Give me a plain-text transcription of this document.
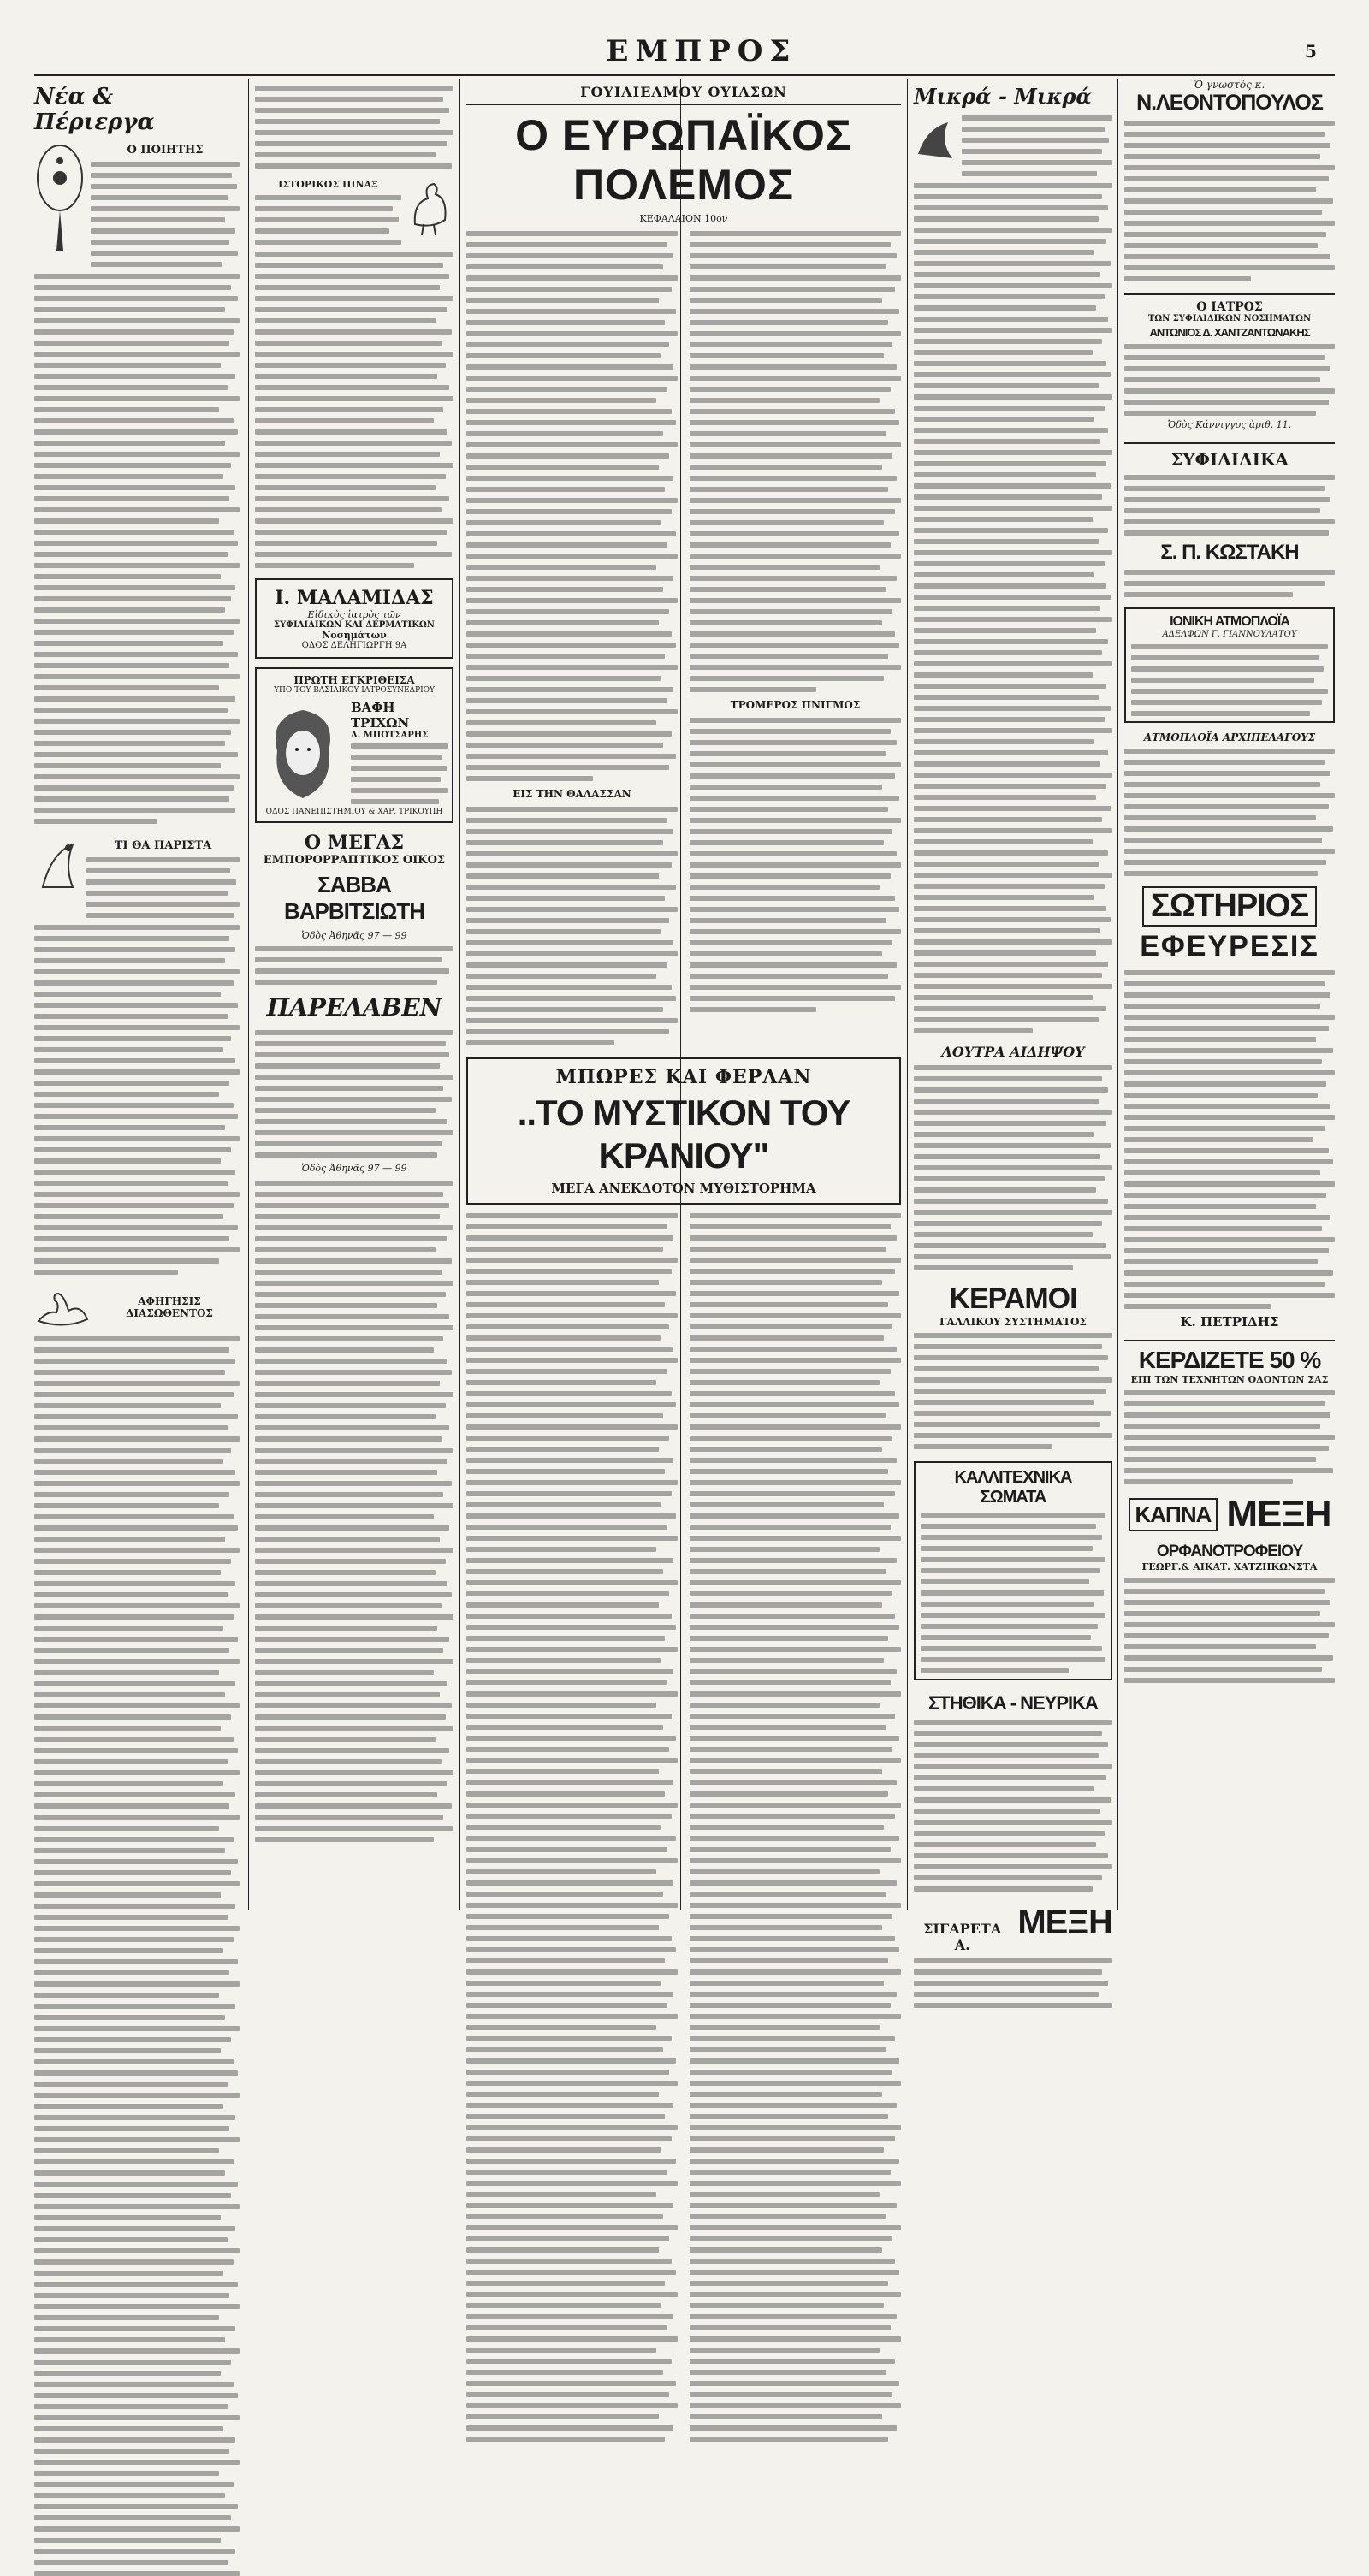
ΕΜΠΡΟΣ	5
Νέα & Πέριεργα
Ο ΠΟΙΗΤΗΣ
ΤΙ ΘΑ ΠΑΡΙΣΤΑ
ΑΦΗΓΗΣΙΣ ΔΙΑΣΩΘΕΝΤΟΣ
ΙΣΤΟΡΙΚΟΣ ΠΙΝΑΞ
Ι. ΜΑΛΑΜΙΔΑΣ
Εἰδικὸς ἰατρὸς τῶν
ΣΥΦΙΛΙΔΙΚΩΝ ΚΑΙ ΔΕΡΜΑΤΙΚΩΝ
Νοσημάτων
ΟΔΟΣ ΔΕΛΗΓΙΩΡΓΗ 9Α
ΠΡΩΤΗ ΕΓΚΡΙΘΕΙΣΑ
ΥΠΟ ΤΟΥ ΒΑΣΙΛΙΚΟΥ ΙΑΤΡΟΣΥΝΕΔΡΙΟΥ
ΒΑΦΗ ΤΡΙΧΩΝ
Δ. ΜΠΟΤΣΑΡΗΣ
ΟΔΟΣ ΠΑΝΕΠΙΣΤΗΜΙΟΥ & ΧΑΡ. ΤΡΙΚΟΥΠΗ
Ο ΜΕΓΑΣ
ΕΜΠΟΡΟΡΡΑΠΤΙΚΟΣ ΟΙΚΟΣ
ΣΑΒΒΑ ΒΑΡΒΙΤΣΙΩΤΗ
Ὁδὸς Ἀθηνᾶς 97 — 99
ΠΑΡΕΛΑΒΕΝ
Ὁδὸς Ἀθηνᾶς 97 — 99
ΓΟΥΙΛΙΕΛΜΟΥ ΟΥΙΛΣΩΝ
Ο ΕΥΡΩΠΑΪΚΟΣ ΠΟΛΕΜΟΣ
ΚΕΦΑΛΑΙΟΝ 10ον
ΕΙΣ ΤΗΝ ΘΑΛΑΣΣΑΝ
ΤΡΟΜΕΡΟΣ ΠΝΙΓΜΟΣ
ΜΠΩΡΕΣ ΚΑΙ ΦΕΡΛΑΝ
..ΤΟ ΜΥΣΤΙΚΟΝ ΤΟΥ ΚΡΑΝΙΟΥ"
ΜΕΓΑ ΑΝΕΚΔΟΤΟΝ ΜΥΘΙΣΤΟΡΗΜΑ
Μικρά - Μικρά
ΛΟΥΤΡΑ ΑΙΔΗΨΟΥ
ΚΕΡΑΜΟΙ
ΓΑΛΛΙΚΟΥ ΣΥΣΤΗΜΑΤΟΣ
ΚΑΛΛΙΤΕΧΝΙΚΑ ΣΩΜΑΤΑ
ΣΤΗΘΙΚΑ - ΝΕΥΡΙΚΑ
ΣΙΓΑΡΕΤΑ Α.
ΜΕΞΗ
Ὁ γνωστὸς κ.
Ν.ΛΕΟΝΤΟΠΟΥΛΟΣ
Ο ΙΑΤΡΟΣ
ΤΩΝ ΣΥΦΙΛΙΔΙΚΩΝ ΝΟΣΗΜΑΤΩΝ
ΑΝΤΩΝΙΟΣ Δ. ΧΑΝΤΖΑΝΤΩΝΑΚΗΣ
Ὁδὸς Κάννιγγος ἀριθ. 11.
ΣΥΦΙΛΙΔΙΚΑ
Σ. Π. ΚΩΣΤΑΚΗ
ΙΟΝΙΚΗ ΑΤΜΟΠΛΟΪΑ
ΑΔΕΛΦΩΝ Γ. ΓΙΑΝΝΟΥΛΑΤΟΥ
ΑΤΜΟΠΛΟΪΑ ΑΡΧΙΠΕΛΑΓΟΥΣ
ΣΩΤΗΡΙΟΣ
ΕΦΕΥΡΕΣΙΣ
Κ. ΠΕΤΡΙΔΗΣ
ΚΕΡΔΙΖΕΤΕ 50 %
ΕΠΙ ΤΩΝ ΤΕΧΝΗΤΩΝ ΟΔΟΝΤΩΝ ΣΑΣ
ΚΑΠΝΑ ΜΕΞΗ
ΟΡΦΑΝΟΤΡΟΦΕΙΟΥ
ΓΕΩΡΓ.& ΑΙΚΑΤ. ΧΑΤΖΗΚΩΝΣΤΑ
